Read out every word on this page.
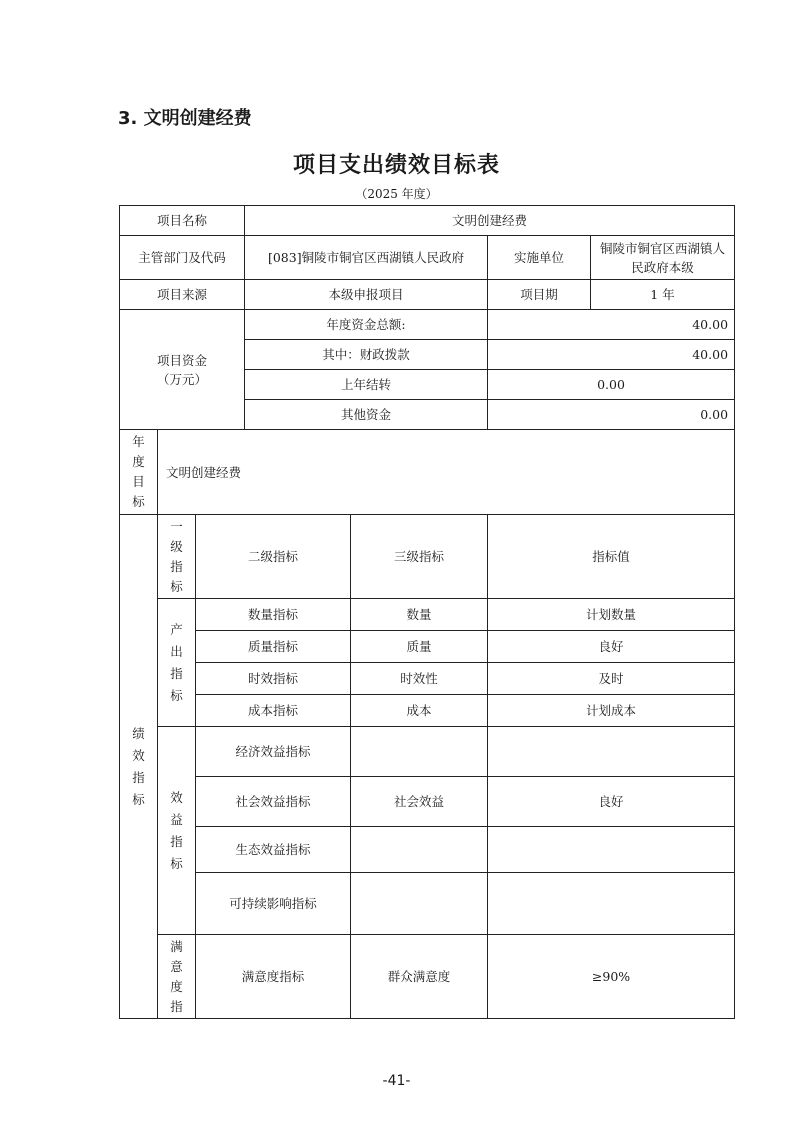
3. 文明创建经费
项目支出绩效目标表
（2025 年度）
项目名称			文明创建经费			
主管部门及代码			[083]铜陵市铜官区西湖镇人民政府		实施单位	铜陵市铜官区西湖镇人民政府本级
项目来源			本级申报项目		项目期	1 年

项目资金
（万元）			年度资金总额:		40.00	
			其中：财政拨款		40.00	
			上年结转		0.00	
			其他资金		0.00	

年度目标	文明创建经费					

绩效指标	一级指标	二级指标		三级指标	指标值	

	产出指标	数量指标		数量	计划数量	
		质量指标		质量	良好	
		时效指标		时效性	及时	
		成本指标		成本	计划成本	

	效益指标	经济效益指标				
		社会效益指标		社会效益	良好	
		生态效益指标				

		可持续影响指标				

	满意度指	满意度指标		群众满意度	≥90%	
-41-
